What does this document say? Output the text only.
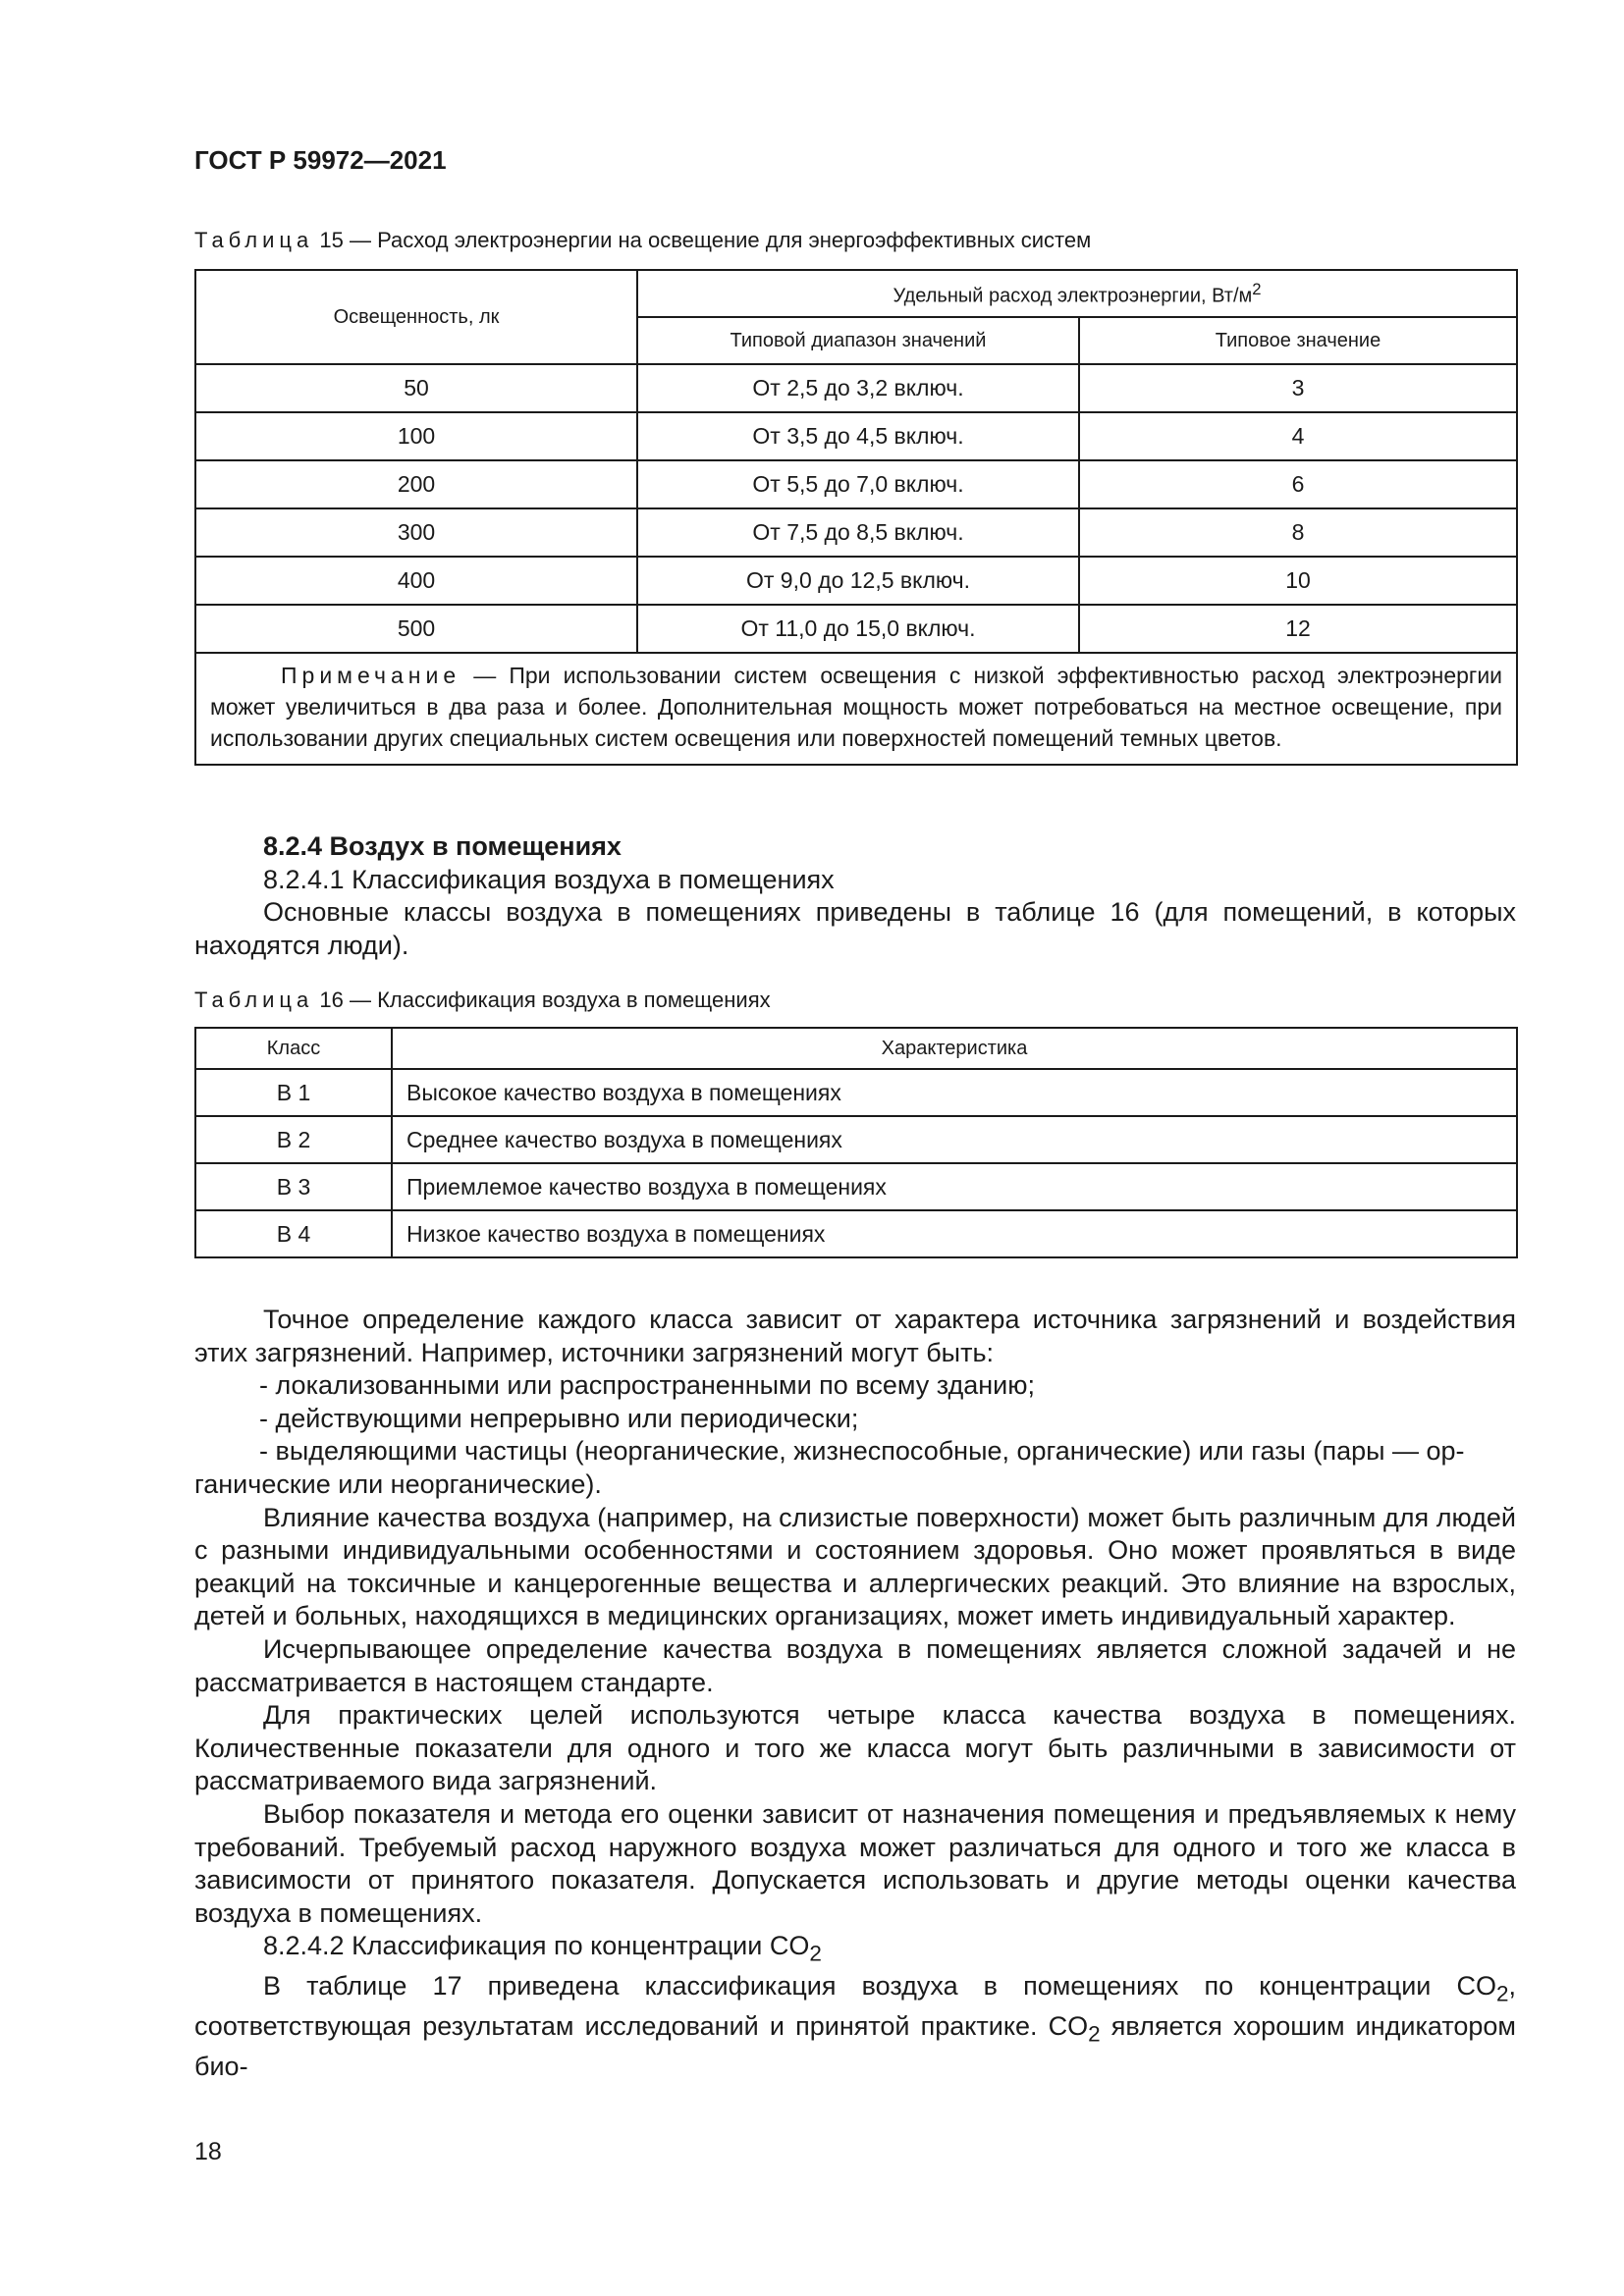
ГОСТ Р 59972—2021
Таблица 15 — Расход электроэнергии на освещение для энергоэффективных систем
Освещенность, лк	Удельный расход электроэнергии, $Вт/м^2$
	Типовой диапазон значений	Типовое значение
50	От 2,5 до 3,2 включ.	3
100	От 3,5 до 4,5 включ.	4
200	От 5,5 до 7,0 включ.	6
300	От 7,5 до 8,5 включ.	8
400	От 9,0 до 12,5 включ.	10
500	От 11,0 до 15,0 включ.	12
Примечание — При использовании систем освещения с низкой эффективностью расход электроэнергии может увеличиться в два раза и более. Дополнительная мощность может потребоваться на местное освещение, при использовании других специальных систем освещения или поверхностей помещений темных цветов.		

8.2.4 Воздух в помещениях

8.2.4.1 Классификация воздуха в помещениях

Основные классы воздуха в помещениях приведены в таблице 16 (для помещений, в которых находятся люди).

Таблица 16 — Классификация воздуха в помещениях
Класс	Характеристика
В 1	Высокое качество воздуха в помещениях
В 2	Среднее качество воздуха в помещениях
В 3	Приемлемое качество воздуха в помещениях
В 4	Низкое качество воздуха в помещениях

Точное определение каждого класса зависит от характера источника загрязнений и воздействия этих загрязнений. Например, источники загрязнений могут быть:

- локализованными или распространенными по всему зданию;

- действующими непрерывно или периодически;

- выделяющими частицы (неорганические, жизнеспособные, органические) или газы (пары — ор-

ганические или неорганические).

Влияние качества воздуха (например, на слизистые поверхности) может быть различным для людей с разными индивидуальными особенностями и состоянием здоровья. Оно может проявляться в виде реакций на токсичные и канцерогенные вещества и аллергических реакций. Это влияние на взрослых, детей и больных, находящихся в медицинских организациях, может иметь индивидуальный характер.

Исчерпывающее определение качества воздуха в помещениях является сложной задачей и не рассматривается в настоящем стандарте.

Для практических целей используются четыре класса качества воздуха в помещениях. Количественные показатели для одного и того же класса могут быть различными в зависимости от рассматриваемого вида загрязнений.

Выбор показателя и метода его оценки зависит от назначения помещения и предъявляемых к нему требований. Требуемый расход наружного воздуха может различаться для одного и того же класса в зависимости от принятого показателя. Допускается использовать и другие методы оценки качества воздуха в помещениях.

8.2.4.2 Классификация по концентрации $CO_2$

В таблице 17 приведена классификация воздуха в помещениях по концентрации $CO_2$, соответствующая результатам исследований и принятой практике. $CO_2$ является хорошим индикатором био-

18
